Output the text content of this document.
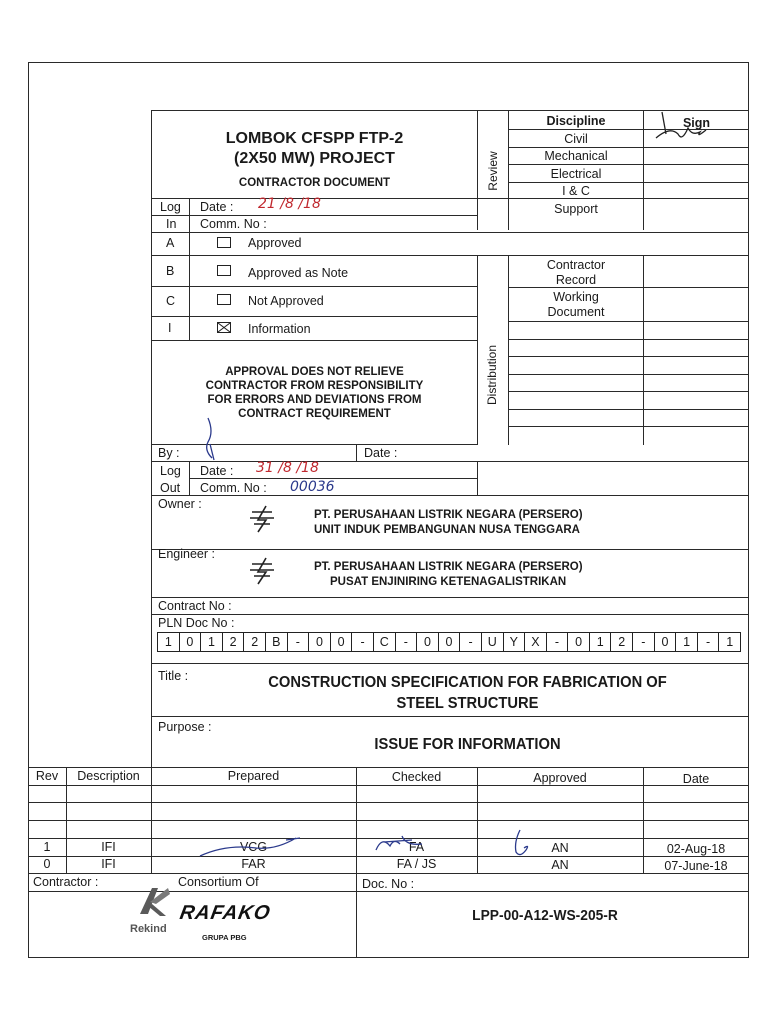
LOMBOK CFSPP FTP-2
(2X50 MW) PROJECT
CONTRACTOR DOCUMENT	Review
Discipline	Sign
Civil
Mechanical
Electrical
I & C
Support
Log
In
Date : 21 /8 /18
Comm. No :
A	Approved
B	Approved as Note
C	Not Approved
I	Information
Distribution
Contractor
Record
Working
Document
APPROVAL DOES NOT RELIEVE
CONTRACTOR FROM RESPONSIBILITY
FOR ERRORS AND DEVIATIONS FROM
CONTRACT REQUIREMENT
By :	Date :
Log
Out
Date : 31 /8 /18
Comm. No : 00036
Owner :
PT. PERUSAHAAN LISTRIK NEGARA (PERSERO)
UNIT INDUK PEMBANGUNAN NUSA TENGGARA
Engineer :
PT. PERUSAHAAN LISTRIK NEGARA (PERSERO)
PUSAT ENJINIRING KETENAGALISTRIKAN
Contract No :
PLN Doc No :
1	0	1	2	2	B	-	0	0	-	C	-	0	0	-	U	Y	X	-	0	1	2	-	0	1	-	1
Title :	CONSTRUCTION SPECIFICATION FOR FABRICATION OF
STEEL STRUCTURE
Purpose :
ISSUE FOR INFORMATION
Rev	Description	Prepared	Checked	Approved	Date
1	IFI	VCG	FA	AN	02-Aug-18
0	IFI	FAR	FA / JS	AN	07-June-18
Contractor :	Consortium Of	Doc. No :
LPP-00-A12-WS-205-R
Rekind
RAFAKO
GRUPA PBG
